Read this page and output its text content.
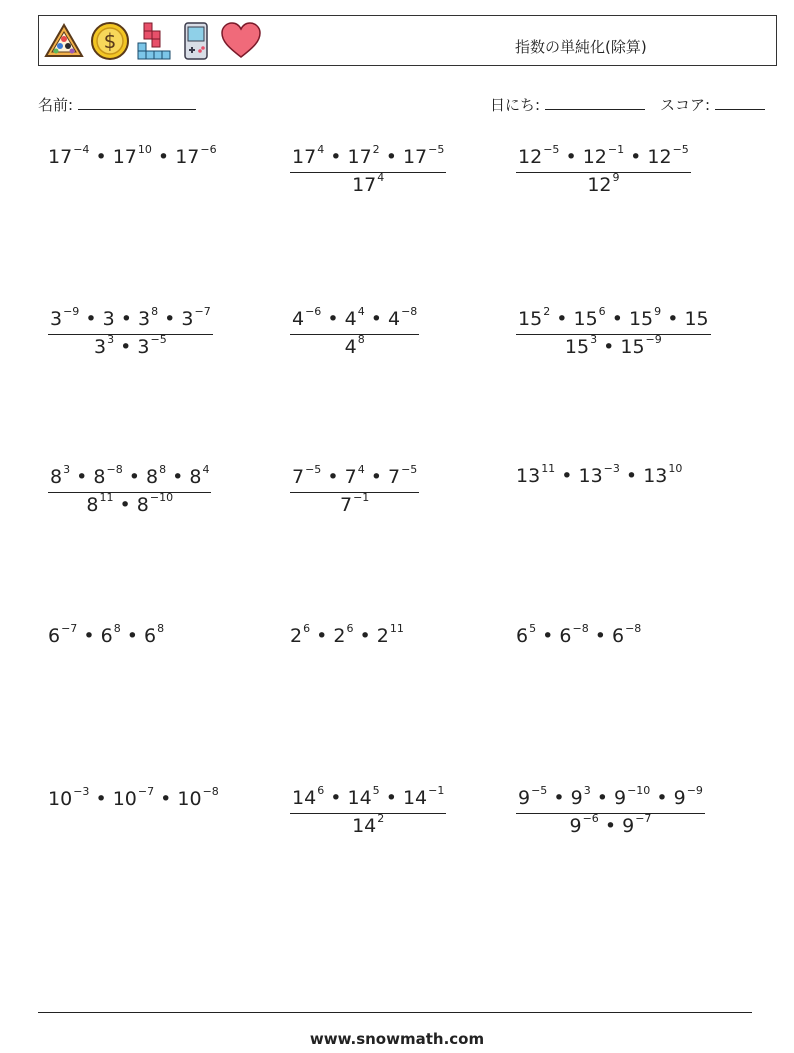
$	指数の単純化(除算)
名前:	日にち:	スコア:
$17^{-4}$ • $17^{10}$ • $17^{-6}$	$\frac{17^4 • 17^2 • 17^{-5}}{17^4}$	$\frac{12^{-5} • 12^{-1} • 12^{-5}}{12^9}$
$\frac{3^{-9} • 3 • 3^8 • 3^{-7}}{3^3 • 3^{-5}}$	$\frac{4^{-6} • 4^4 • 4^{-8}}{4^8}$	$\frac{15^2 • 15^6 • 15^9 • 15}{15^3 • 15^{-9}}$
$\frac{8^3 • 8^{-8} • 8^8 • 8^4}{8^{11} • 8^{-10}}$	$\frac{7^{-5} • 7^4 • 7^{-5}}{7^{-1}}$	$13^{11}$ • $13^{-3}$ • $13^{10}$
$6^{-7}$ • $6^8$ • $6^8$	$2^6$ • $2^6$ • $2^{11}$	$6^5$ • $6^{-8}$ • $6^{-8}$
$10^{-3}$ • $10^{-7}$ • $10^{-8}$	$\frac{14^6 • 14^5 • 14^{-1}}{14^2}$	$\frac{9^{-5} • 9^3 • 9^{-10} • 9^{-9}}{9^{-6} • 9^{-7}}$
www.snowmath.com
